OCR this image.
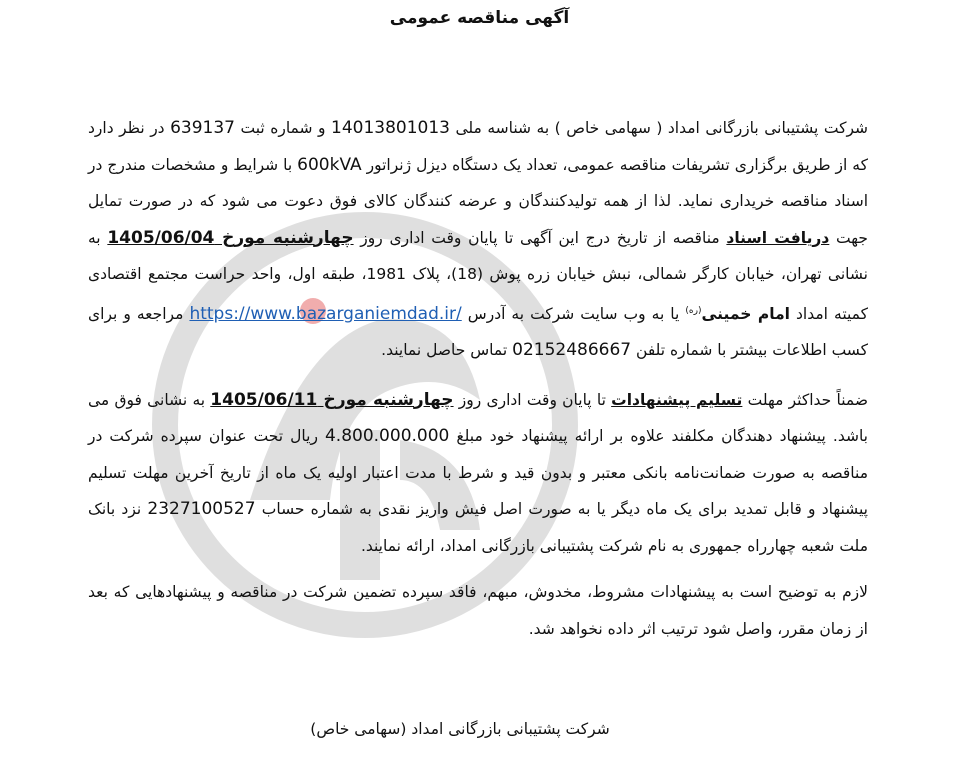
آگهی مناقصه عمومی

شرکت پشتیبانی بازرگانی امداد ( سهامی خاص ) به شناسه ملی 14013801013 و شماره ثبت 639137 در نظر دارد که از طریق برگزاری تشریفات مناقصه عمومی، تعداد یک دستگاه دیزل ژنراتور 600kVA با شرایط و مشخصات مندرج در اسناد مناقصه خریداری نماید. لذا از همه تولیدکنندگان و عرضه کنندگان کالای فوق دعوت می شود که در صورت تمایل جهت دریافت اسناد مناقصه از تاریخ درج این آگهی تا پایان وقت اداری روز چهارشنبه مورخ 1405/06/04 به نشانی تهران، خیابان کارگر شمالی، نبش خیابان زره پوش (18)، پلاک 1981، طبقه اول، واحد حراست مجتمع اقتصادی کمیته امداد امام خمینی$^{(ره)}$ یا به وب سایت شرکت به آدرس https://www.bazarganiemdad.ir/ مراجعه و برای کسب اطلاعات بیشتر با شماره تلفن 02152486667 تماس حاصل نمایند.

ضمناً حداکثر مهلت تسلیم پیشنهادات تا پایان وقت اداری روز چهارشنبه مورخ 1405/06/11 به نشانی فوق می باشد. پیشنهاد دهندگان مکلفند علاوه بر ارائه پیشنهاد خود مبلغ 4.800.000.000 ریال تحت عنوان سپرده شرکت در مناقصه به صورت ضمانت‌نامه بانکی معتبر و بدون قید و شرط با مدت اعتبار اولیه یک ماه از تاریخ آخرین مهلت تسلیم پیشنهاد و قابل تمدید برای یک ماه دیگر یا به صورت اصل فیش واریز نقدی به شماره حساب 2327100527 نزد بانک ملت شعبه چهارراه جمهوری به نام شرکت پشتیبانی بازرگانی امداد، ارائه نمایند.

لازم به توضیح است به پیشنهادات مشروط، مخدوش، مبهم، فاقد سپرده تضمین شرکت در مناقصه و پیشنهادهایی که بعد از زمان مقرر، واصل شود ترتیب اثر داده نخواهد شد.

شرکت پشتیبانی بازرگانی امداد (سهامی خاص)
